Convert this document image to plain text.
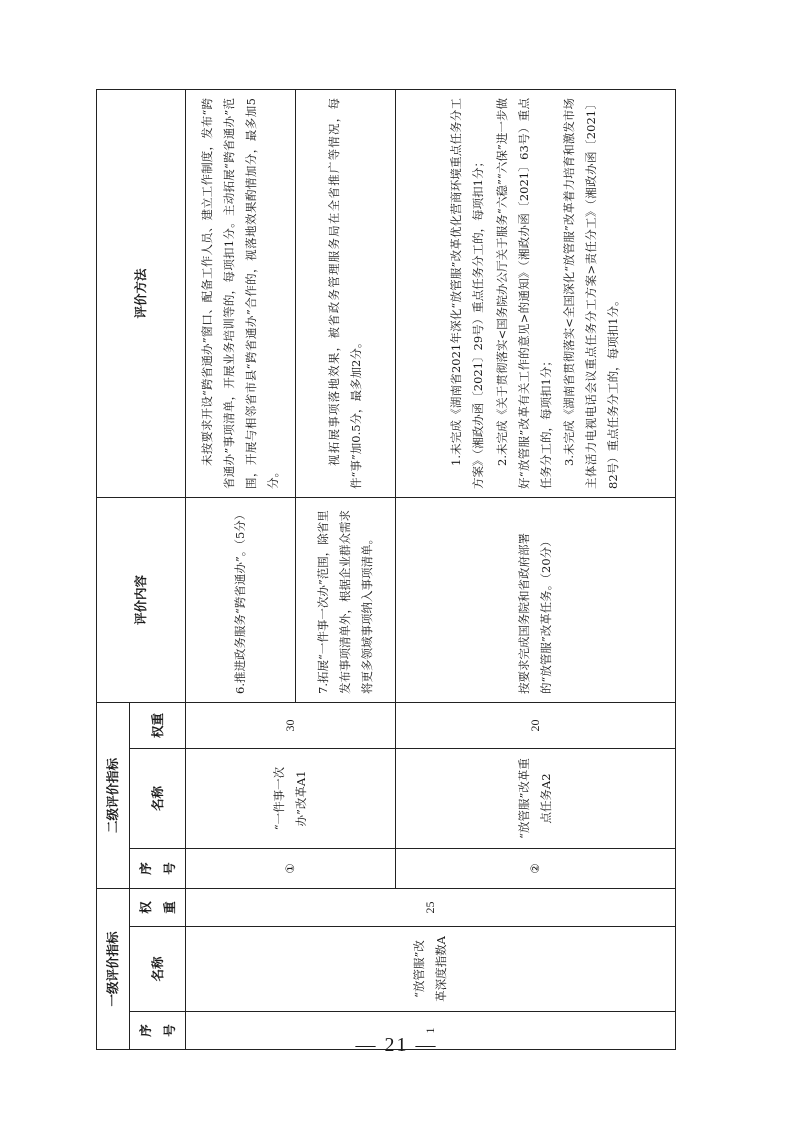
一级评价指标			二级评价指标			评价内容	评价方法
序号	名称	权重	序号	名称	权重		
1	“放管服”改革深度指数A	25	①	“一件事一次办”改革A1	30	6.推进政务服务“跨省通办”。（5分）	未按要求开设“跨省通办”窗口、配备工作人员、建立工作制度，发布“跨省通办”事项清单，开展业务培训等的，每项扣1分。主动拓展“跨省通办”范围，开展与相邻省市县“跨省通办”合作的，视落地效果酌情加分，最多加5分。

						7.拓展“一件事一次办”范围，除省里发布事项清单外，根据企业群众需求将更多领域事项纳入事项清单。	视拓展事项落地效果，被省政务管理服务局在全省推广等情况，每件“事”加0.5分，最多加2分。

			②	“放管服”改革重点任务A2	20	按要求完成国务院和省政府部署的“放管服”改革任务。（20分）	1.未完成《湖南省2021年深化“放管服”改革优化营商环境重点任务分工方案》（湘政办函〔2021〕29号）重点任务分工的，每项扣1分； 2.未完成《关于贯彻落实<国务院办公厅关于服务“六稳”“六保”进一步做好“放管服”改革有关工作的意见>的通知》（湘政办函〔2021〕63号）重点任务分工的，每项扣1分； 3.未完成《湖南省贯彻落实<全国深化“放管服”改革着力培育和激发市场主体活力电视电话会议重点任务分工方案>责任分工》（湘政办函〔2021〕82号）重点任务分工的，每项扣1分。

— 21 —
